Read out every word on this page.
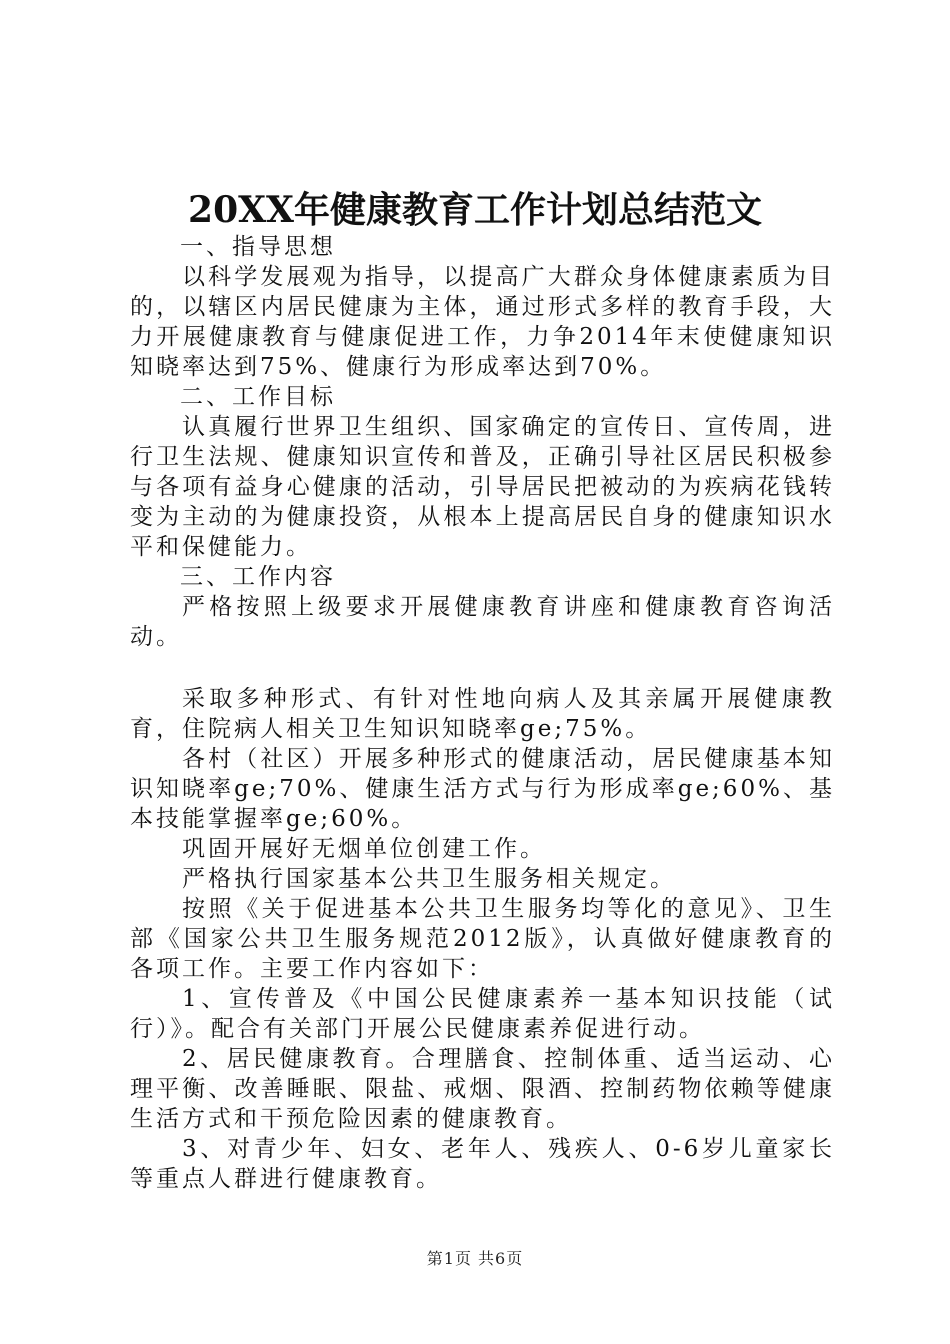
20XX年健康教育工作计划总结范文
一、指导思想

以科学发展观为指导，以提高广大群众身体健康素质为目的，以辖区内居民健康为主体，通过形式多样的教育手段，大力开展健康教育与健康促进工作，力争2014年末使健康知识知晓率达到75%、健康行为形成率达到70%。

二、工作目标

认真履行世界卫生组织、国家确定的宣传日、宣传周，进行卫生法规、健康知识宣传和普及，正确引导社区居民积极参与各项有益身心健康的活动，引导居民把被动的为疾病花钱转变为主动的为健康投资，从根本上提高居民自身的健康知识水平和保健能力。

三、工作内容

严格按照上级要求开展健康教育讲座和健康教育咨询活动。

采取多种形式、有针对性地向病人及其亲属开展健康教育，住院病人相关卫生知识知晓率ge;75%。

各村（社区）开展多种形式的健康活动，居民健康基本知识知晓率ge;70%、健康生活方式与行为形成率ge;60%、基本技能掌握率ge;60%。

巩固开展好无烟单位创建工作。

严格执行国家基本公共卫生服务相关规定。

按照《关于促进基本公共卫生服务均等化的意见》、卫生部《国家公共卫生服务规范2012版》，认真做好健康教育的各项工作。主要工作内容如下：

1、宣传普及《中国公民健康素养一基本知识技能（试行）》。配合有关部门开展公民健康素养促进行动。

2、居民健康教育。合理膳食、控制体重、适当运动、心理平衡、改善睡眠、限盐、戒烟、限酒、控制药物依赖等健康生活方式和干预危险因素的健康教育。

3、对青少年、妇女、老年人、残疾人、0-6岁儿童家长等重点人群进行健康教育。

第1页 共6页
